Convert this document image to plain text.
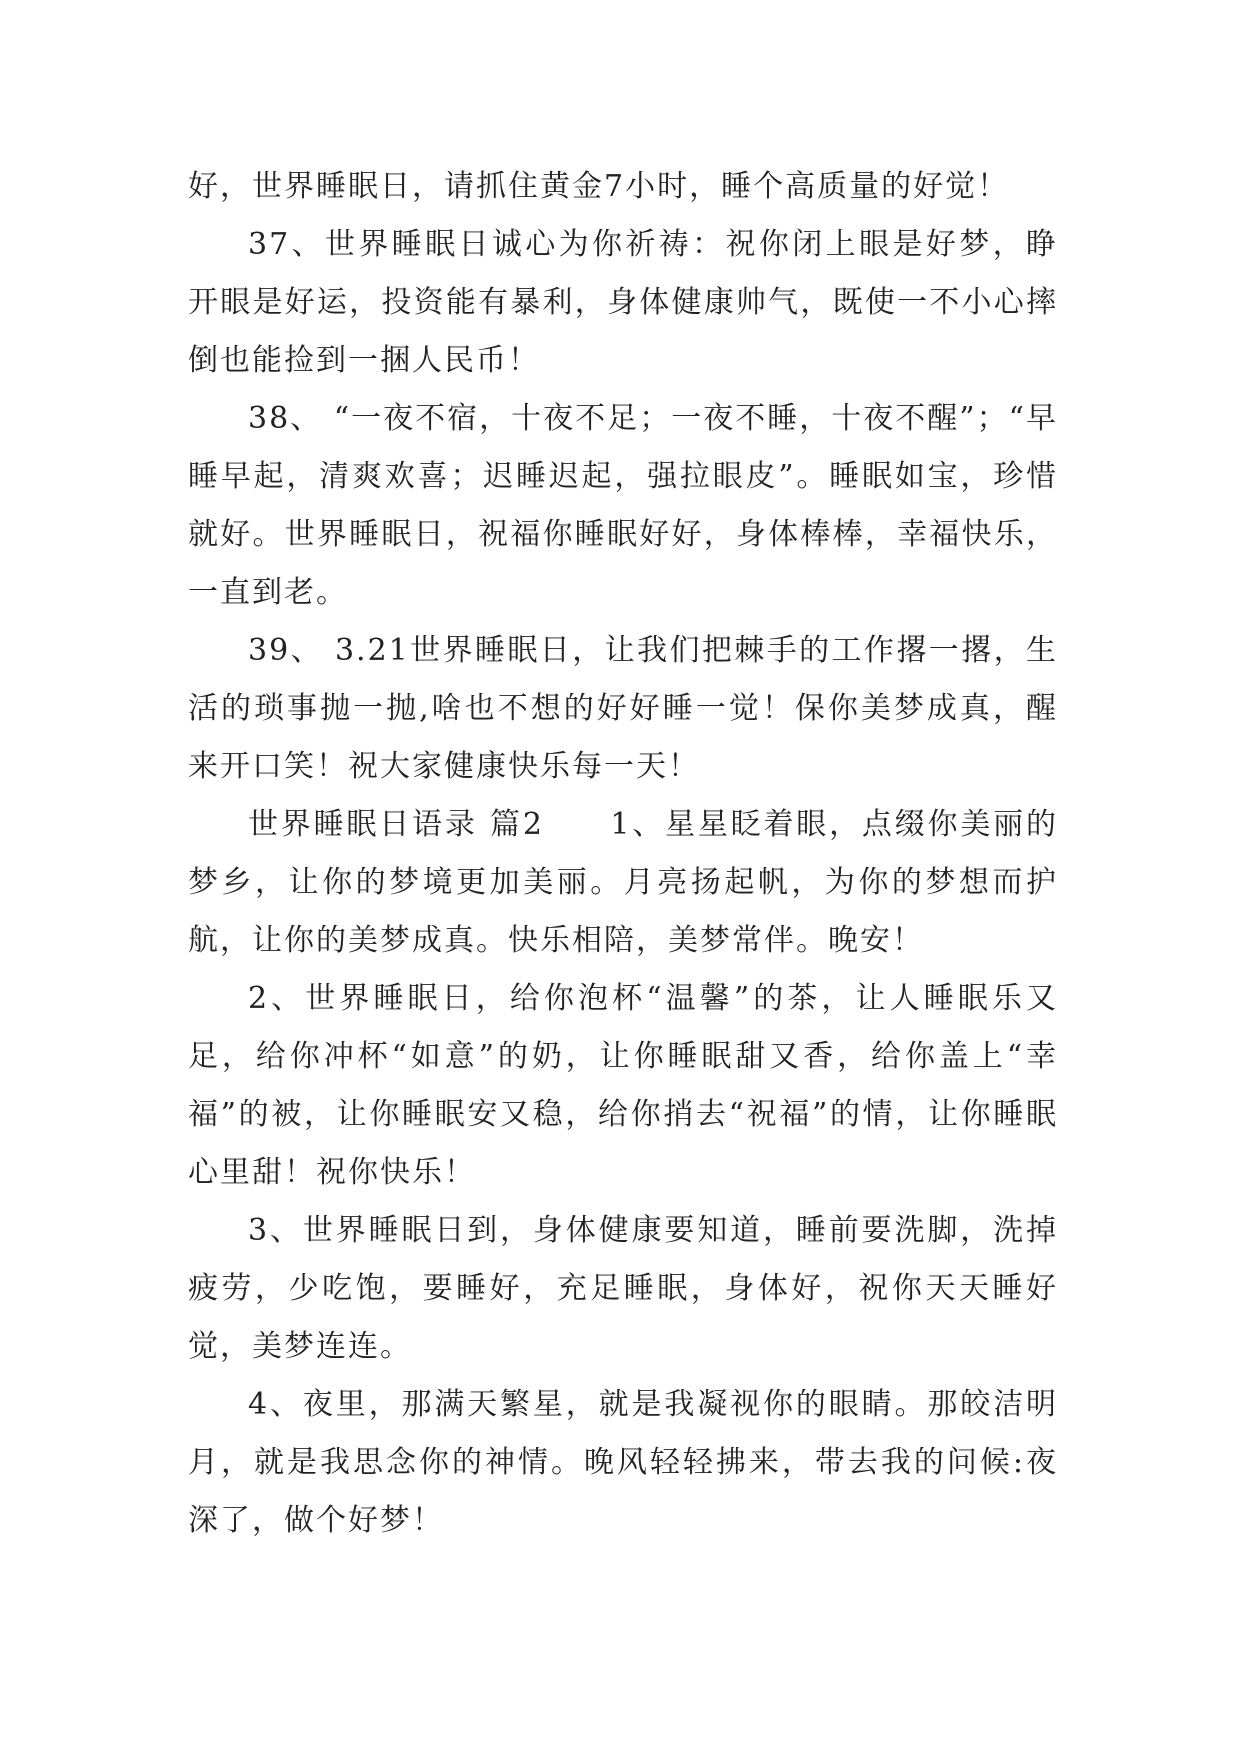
好，世界睡眠日，请抓住黄金7小时，睡个高质量的好觉！

37、世界睡眠日诚心为你祈祷：祝你闭上眼是好梦，睁开眼是好运，投资能有暴利，身体健康帅气，既使一不小心摔倒也能捡到一捆人民币！

38、 “一夜不宿，十夜不足；一夜不睡，十夜不醒”；“早睡早起，清爽欢喜；迟睡迟起，强拉眼皮”。睡眠如宝，珍惜就好。世界睡眠日，祝福你睡眠好好，身体棒棒，幸福快乐，一直到老。

39、 3.21世界睡眠日，让我们把棘手的工作撂一撂，生活的琐事抛一抛,啥也不想的好好睡一觉！保你美梦成真，醒来开口笑！祝大家健康快乐每一天！

世界睡眠日语录 篇2　　1、星星眨着眼，点缀你美丽的梦乡，让你的梦境更加美丽。月亮扬起帆，为你的梦想而护航，让你的美梦成真。快乐相陪，美梦常伴。晚安！

2、世界睡眠日，给你泡杯“温馨”的茶，让人睡眠乐又足，给你冲杯“如意”的奶，让你睡眠甜又香，给你盖上“幸福”的被，让你睡眠安又稳，给你捎去“祝福”的情，让你睡眠心里甜！祝你快乐！

3、世界睡眠日到，身体健康要知道，睡前要洗脚，洗掉疲劳，少吃饱，要睡好，充足睡眠，身体好，祝你天天睡好觉，美梦连连。

4、夜里，那满天繁星，就是我凝视你的眼睛。那皎洁明月，就是我思念你的神情。晚风轻轻拂来，带去我的问候:夜深了，做个好梦！
